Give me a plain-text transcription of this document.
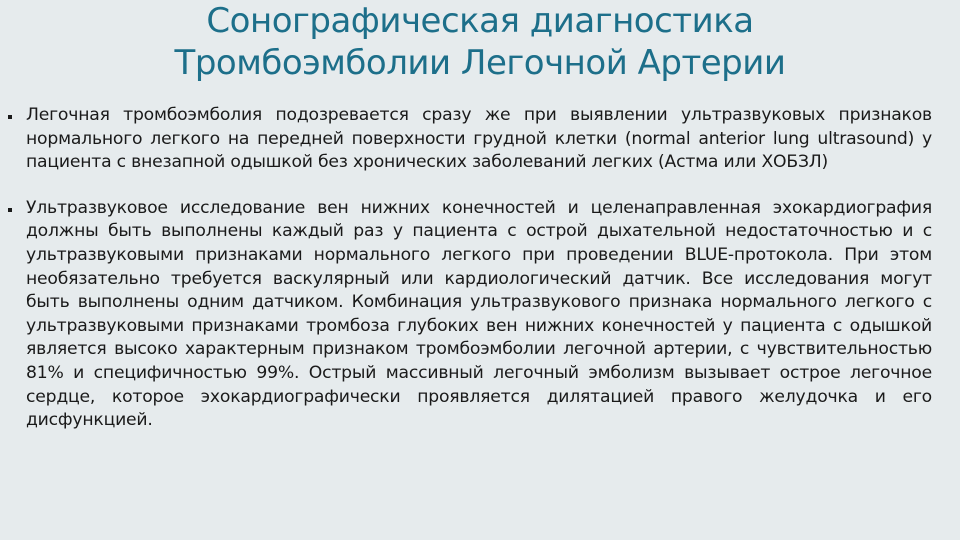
Сонографическая диагностика
Тромбоэмболии Легочной Артерии
Легочная тромбоэмболия подозревается сразу же при выявлении ультразвуковых признаков нормального легкого на передней поверхности грудной клетки (normal anterior lung ultrasound) у пациента с внезапной одышкой без хронических заболеваний легких (Астма или ХОБЗЛ)
Ультразвуковое исследование вен нижних конечностей и целенаправленная эхокардиография должны быть выполнены каждый раз у пациента с острой дыхательной недостаточностью и с ультразвуковыми признаками нормального легкого при проведении BLUE-протокола. При этом необязательно требуется васкулярный или кардиологический датчик. Все исследования могут быть выполнены одним датчиком. Комбинация ультразвукового признака нормального легкого с ультразвуковыми признаками тромбоза глубоких вен нижних конечностей у пациента с одышкой является высоко характерным признаком тромбоэмболии легочной артерии, с чувствительностью 81% и специфичностью 99%. Острый массивный легочный эмболизм вызывает острое легочное сердце, которое эхокардиографически проявляется дилятацией правого желудочка и его дисфункцией.
